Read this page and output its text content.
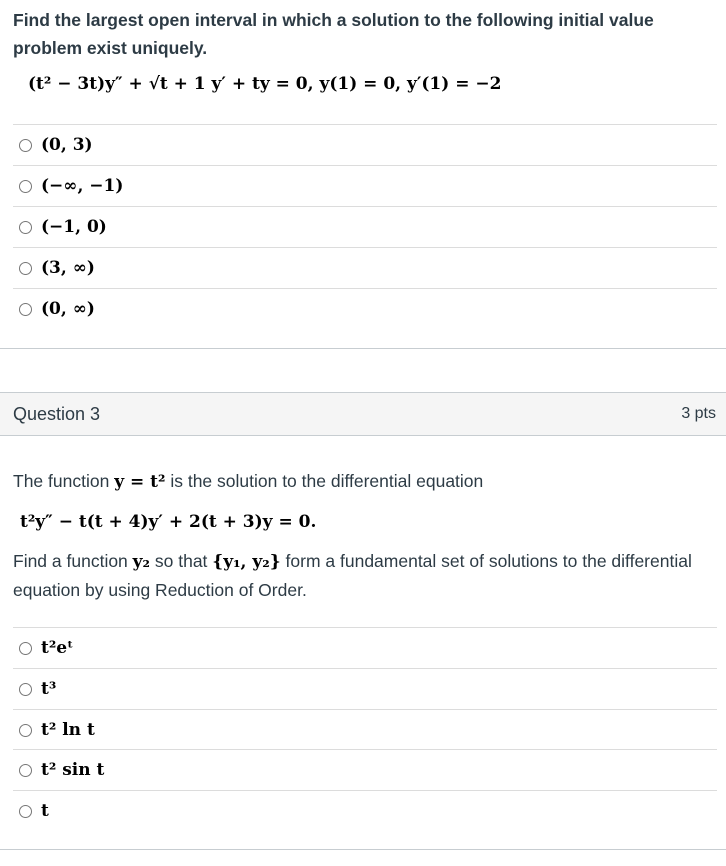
Find the largest open interval in which a solution to the following initial value problem exist uniquely.
(t² − 3t)y″ + √t + 1 y′ + ty = 0, y(1) = 0, y′(1) = −2
(0, 3)
(−∞, −1)
(−1, 0)
(3, ∞)
(0, ∞)
Question 3	3 pts
The function y = t² is the solution to the differential equation
t²y″ − t(t + 4)y′ + 2(t + 3)y = 0.
Find a function y₂ so that {y₁, y₂} form a fundamental set of solutions to the differential equation by using Reduction of Order.
t²eᵗ
t³
t² ln t
t² sin t
t
